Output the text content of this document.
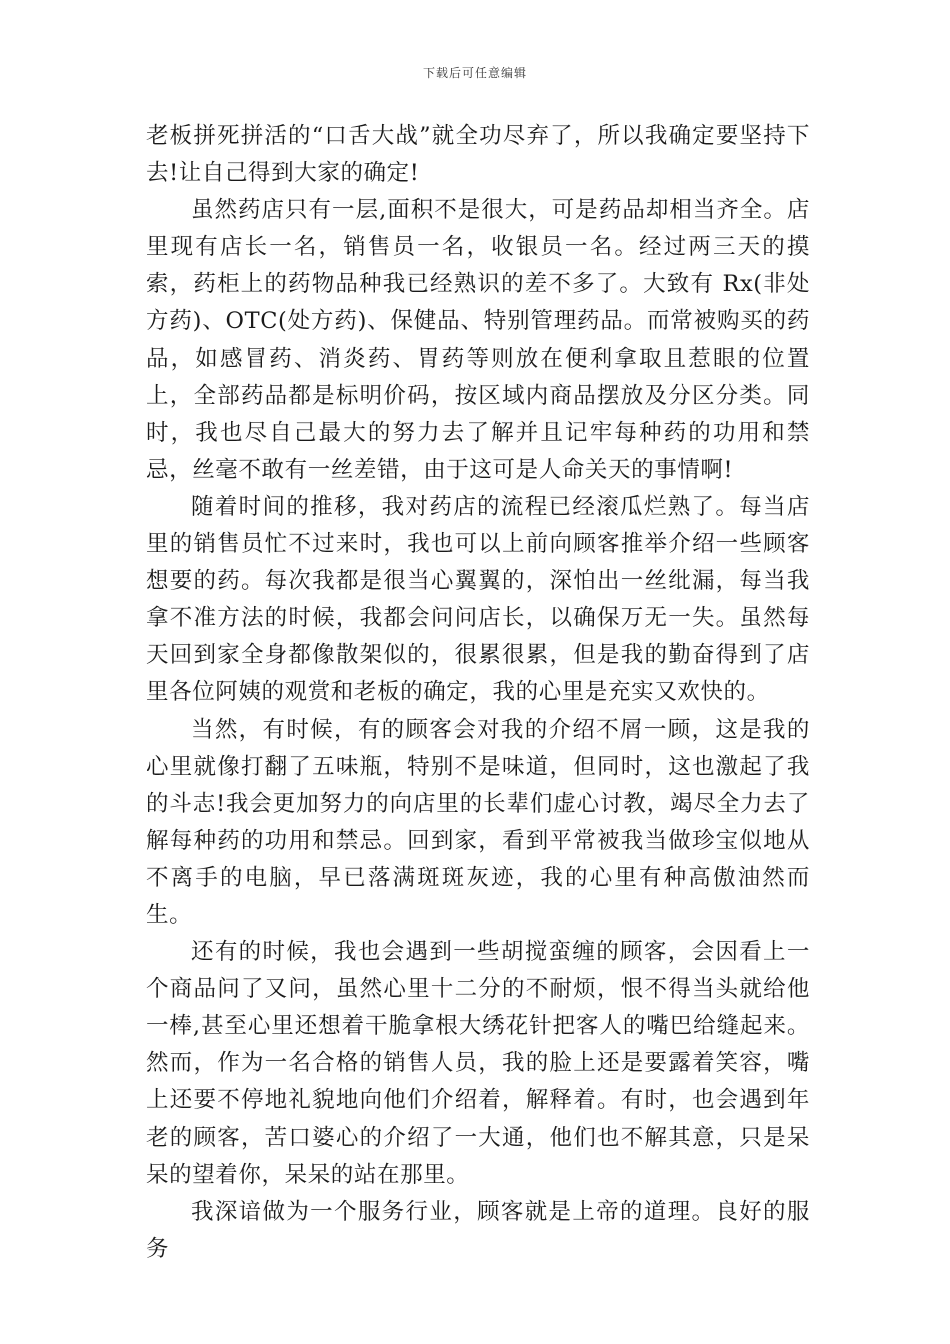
下载后可任意编辑

老板拼死拼活的“口舌大战”就全功尽弃了，所以我确定要坚持下去!让自己得到大家的确定!

虽然药店只有一层,面积不是很大，可是药品却相当齐全。店里现有店长一名，销售员一名，收银员一名。经过两三天的摸索，药柜上的药物品种我已经熟识的差不多了。大致有 Rx(非处方药)、OTC(处方药)、保健品、特别管理药品。而常被购买的药品，如感冒药、消炎药、胃药等则放在便利拿取且惹眼的位置上，全部药品都是标明价码，按区域内商品摆放及分区分类。同时，我也尽自己最大的努力去了解并且记牢每种药的功用和禁忌，丝毫不敢有一丝差错，由于这可是人命关天的事情啊!

随着时间的推移，我对药店的流程已经滚瓜烂熟了。每当店里的销售员忙不过来时，我也可以上前向顾客推举介绍一些顾客想要的药。每次我都是很当心翼翼的，深怕出一丝纰漏，每当我拿不准方法的时候，我都会问问店长，以确保万无一失。虽然每天回到家全身都像散架似的，很累很累，但是我的勤奋得到了店里各位阿姨的观赏和老板的确定，我的心里是充实又欢快的。

当然，有时候，有的顾客会对我的介绍不屑一顾，这是我的心里就像打翻了五味瓶，特别不是味道，但同时，这也激起了我的斗志!我会更加努力的向店里的长辈们虚心讨教，竭尽全力去了解每种药的功用和禁忌。回到家，看到平常被我当做珍宝似地从不离手的电脑，早已落满斑斑灰迹，我的心里有种高傲油然而生。

还有的时候，我也会遇到一些胡搅蛮缠的顾客，会因看上一个商品问了又问，虽然心里十二分的不耐烦，恨不得当头就给他一棒,甚至心里还想着干脆拿根大绣花针把客人的嘴巴给缝起来。然而，作为一名合格的销售人员，我的脸上还是要露着笑容，嘴上还要不停地礼貌地向他们介绍着，解释着。有时，也会遇到年老的顾客，苦口婆心的介绍了一大通，他们也不解其意，只是呆呆的望着你，呆呆的站在那里。

我深谙做为一个服务行业，顾客就是上帝的道理。良好的服务
